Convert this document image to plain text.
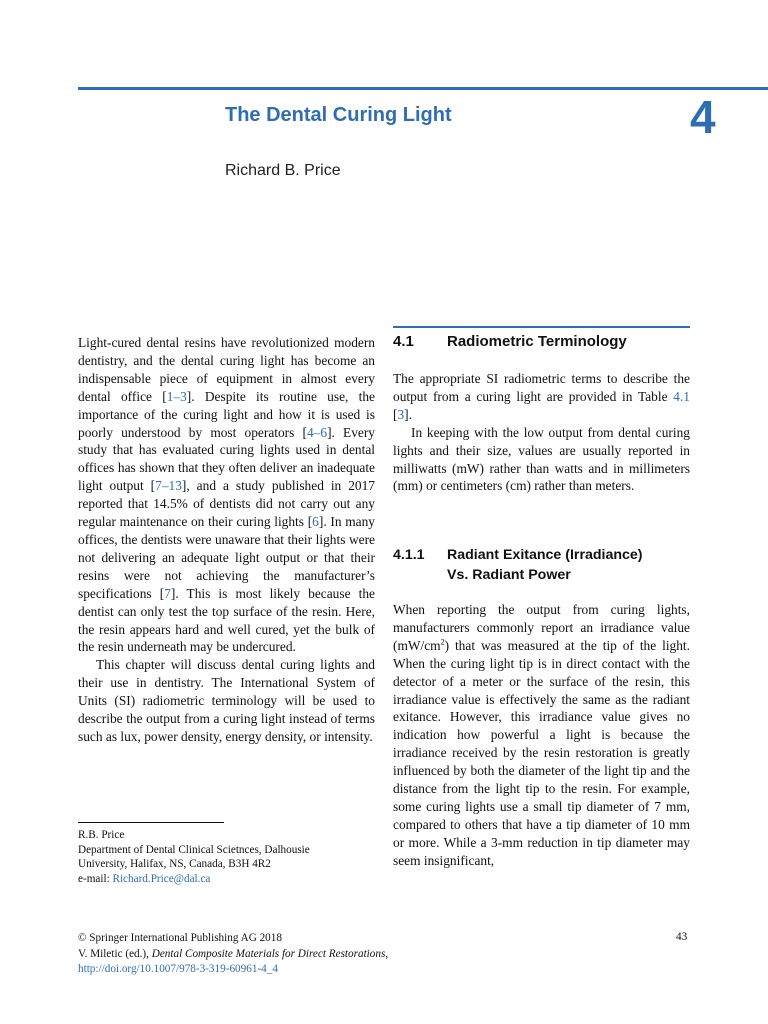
The Dental Curing Light	4
Richard B. Price

Light-cured dental resins have revolutionized modern dentistry, and the dental curing light has become an indispensable piece of equipment in almost every dental office [1–3]. Despite its routine use, the importance of the curing light and how it is used is poorly understood by most operators [4–6]. Every study that has evaluated curing lights used in dental offices has shown that they often deliver an inadequate light output [7–13], and a study published in 2017 reported that 14.5% of dentists did not carry out any regular maintenance on their curing lights [6]. In many offices, the dentists were unaware that their lights were not delivering an adequate light output or that their resins were not achieving the manufacturer’s specifications [7]. This is most likely because the dentist can only test the top surface of the resin. Here, the resin appears hard and well cured, yet the bulk of the resin underneath may be undercured.

This chapter will discuss dental curing lights and their use in dentistry. The International System of Units (SI) radiometric terminology will be used to describe the output from a curing light instead of terms such as lux, power density, energy density, or intensity.

4.1 Radiometric Terminology

The appropriate SI radiometric terms to describe the output from a curing light are provided in Table 4.1 [3].

In keeping with the low output from dental curing lights and their size, values are usually reported in milliwatts (mW) rather than watts and in millimeters (mm) or centimeters (cm) rather than meters.

4.1.1 Radiant Exitance (Irradiance)
Vs. Radiant Power

When reporting the output from curing lights, manufacturers commonly report an irradiance value $(mW/cm^2)$ that was measured at the tip of the light. When the curing light tip is in direct contact with the detector of a meter or the surface of the resin, this irradiance value is effectively the same as the radiant exitance. However, this irradiance value gives no indication how powerful a light is because the irradiance received by the resin restoration is greatly influenced by both the diameter of the light tip and the distance from the light tip to the resin. For example, some curing lights use a small tip diameter of 7 mm, compared to others that have a tip diameter of 10 mm or more. While a 3-mm reduction in tip diameter may seem insignificant,

R.B. Price
Department of Dental Clinical Scietnces, Dalhousie
University, Halifax, NS, Canada, B3H 4R2
e-mail: Richard.Price@dal.ca
© Springer International Publishing AG 2018
V. Miletic (ed.), Dental Composite Materials for Direct Restorations,
http://doi.org/10.1007/978-3-319-60961-4_4
43
